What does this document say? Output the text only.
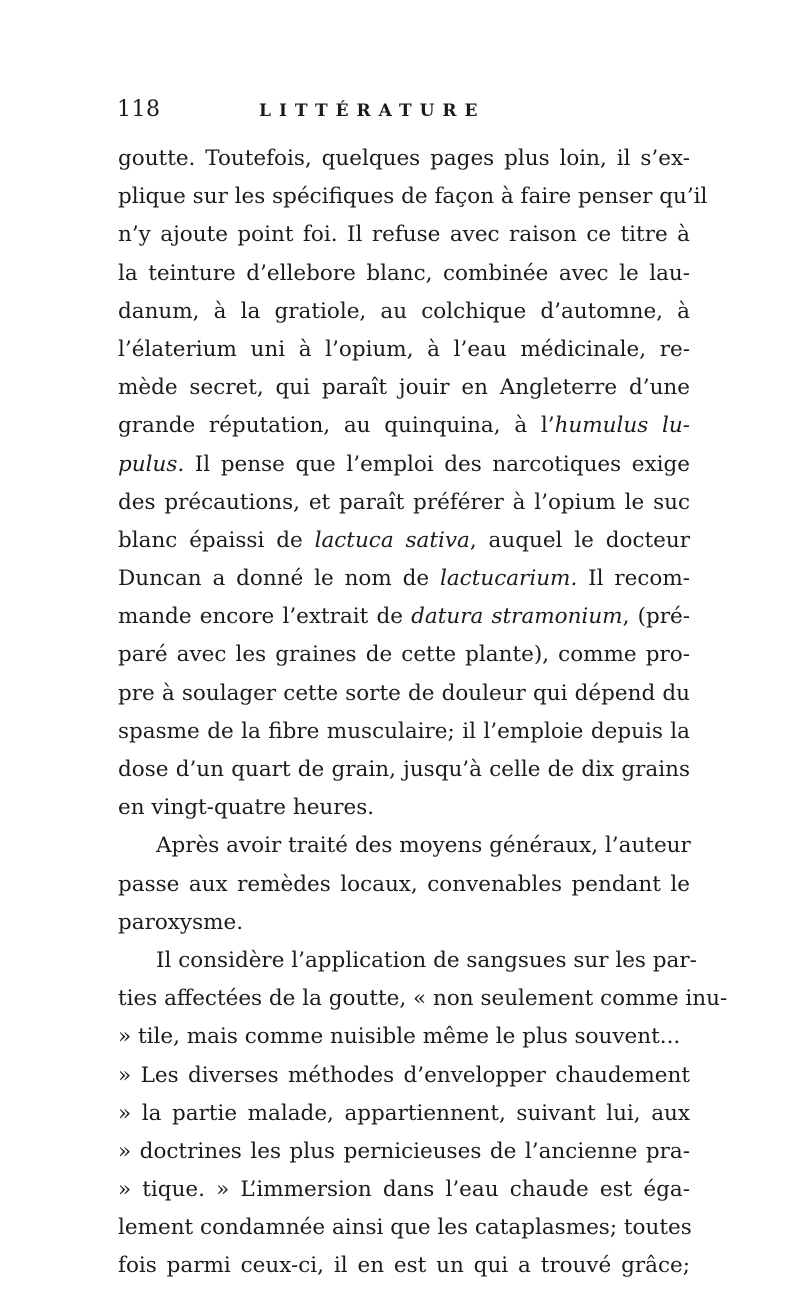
118	LITTÉRATURE
goutte. Toutefois, quelques pages plus loin, il s’ex-
plique sur les spécifiques de façon à faire penser qu’il
n’y ajoute point foi. Il refuse avec raison ce titre à
la teinture d’ellebore blanc, combinée avec le lau-
danum, à la gratiole, au colchique d’automne, à
l’élaterium uni à l’opium, à l’eau médicinale, re-
mède secret, qui paraît jouir en Angleterre d’une
grande réputation, au quinquina, à l’humulus lu-
pulus. Il pense que l’emploi des narcotiques exige
des précautions, et paraît préférer à l’opium le suc
blanc épaissi de lactuca sativa, auquel le docteur
Duncan a donné le nom de lactucarium. Il recom-
mande encore l’extrait de datura stramonium, (pré-
paré avec les graines de cette plante), comme pro-
pre à soulager cette sorte de douleur qui dépend du
spasme de la fibre musculaire; il l’emploie depuis la
dose d’un quart de grain, jusqu’à celle de dix grains
en vingt-quatre heures.
Après avoir traité des moyens généraux, l’auteur
passe aux remèdes locaux, convenables pendant le
paroxysme.
Il considère l’application de sangsues sur les par-
ties affectées de la goutte, « non seulement comme inu-
» tile, mais comme nuisible même le plus souvent...
» Les diverses méthodes d’envelopper chaudement
» la partie malade, appartiennent, suivant lui, aux
» doctrines les plus pernicieuses de l’ancienne pra-
» tique. » L’immersion dans l’eau chaude est éga-
lement condamnée ainsi que les cataplasmes; toutes
fois parmi ceux-ci, il en est un qui a trouvé grâce;
